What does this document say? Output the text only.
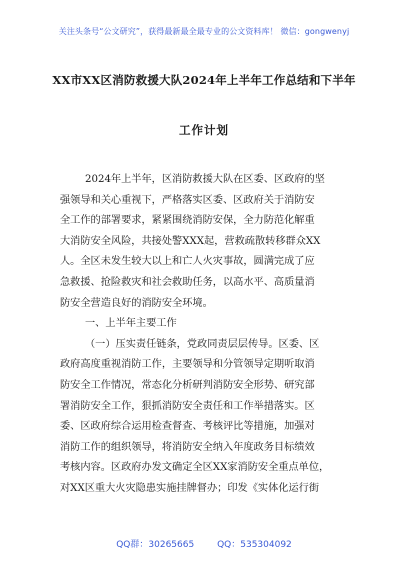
关注头条号“公文研究”，获得最新最全最专业的公文资料库！ 微信：gongwenyj
XX市XX区消防救援大队2024年上半年工作总结和下半年
工作计划
2024年上半年，区消防救援大队在区委、区政府的坚
强领导和关心重视下，严格落实区委、区政府关于消防安
全工作的部署要求，紧紧围绕消防安保，全力防范化解重
大消防安全风险，共接处警XXX起，营救疏散转移群众XX
人。全区未发生较大以上和亡人火灾事故，圆满完成了应
急救援、抢险救灾和社会救助任务，以高水平、高质量消
防安全营造良好的消防安全环境。
一、上半年主要工作
（一）压实责任链条，党政同责层层传导。区委、区
政府高度重视消防工作，主要领导和分管领导定期听取消
防安全工作情况，常态化分析研判消防安全形势、研究部
署消防安全工作，狠抓消防安全责任和工作举措落实。区
委、区政府综合运用检查督查、考核评比等措施，加强对
消防工作的组织领导，将消防安全纳入年度政务目标绩效
考核内容。区政府办发文确定全区XX家消防安全重点单位，
对XX区重大火灾隐患实施挂牌督办；印发《实体化运行街
QQ群：30265665	QQ：535304092
